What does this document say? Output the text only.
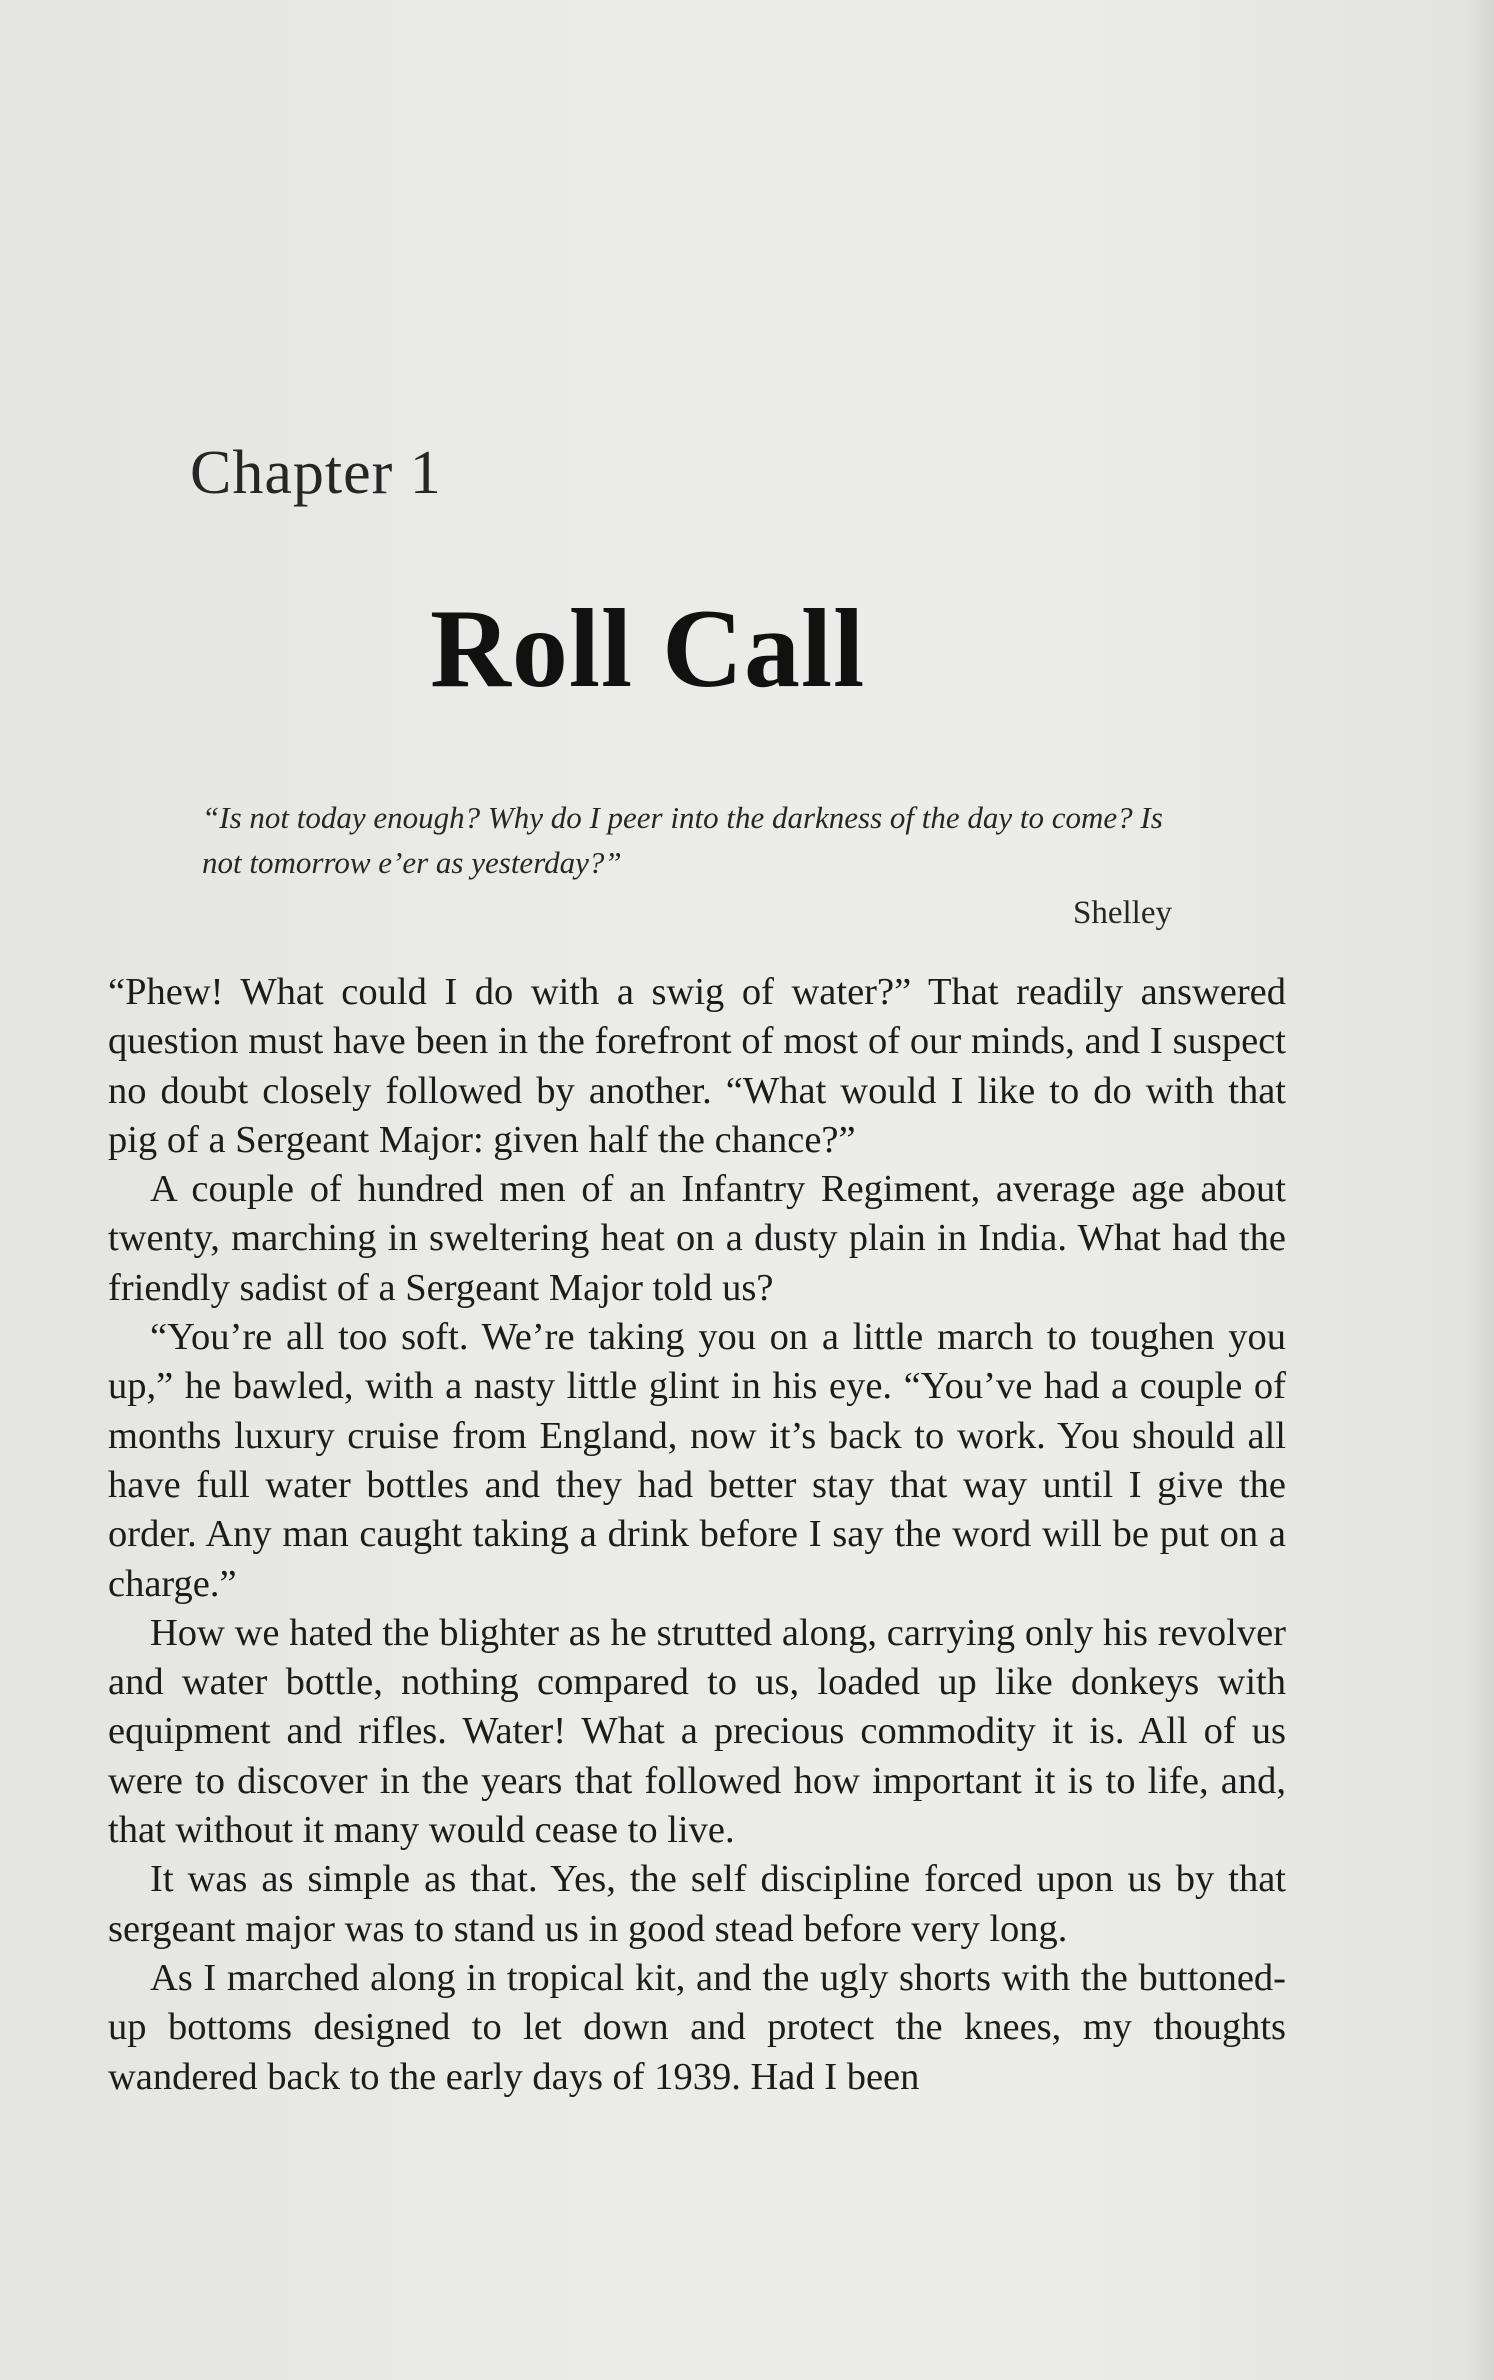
Chapter 1
Roll Call

“Is not today enough? Why do I peer into the darkness of the day to come? Is not tomorrow e’er as yesterday?”

Shelley

“Phew! What could I do with a swig of water?” That readily answered question must have been in the forefront of most of our minds, and I suspect no doubt closely followed by another. “What would I like to do with that pig of a Sergeant Major: given half the chance?”

A couple of hundred men of an Infantry Regiment, average age about twenty, marching in sweltering heat on a dusty plain in India. What had the friendly sadist of a Sergeant Major told us?

“You’re all too soft. We’re taking you on a little march to toughen you up,” he bawled, with a nasty little glint in his eye. “You’ve had a couple of months luxury cruise from England, now it’s back to work. You should all have full water bottles and they had better stay that way until I give the order. Any man caught taking a drink before I say the word will be put on a charge.”

How we hated the blighter as he strutted along, carrying only his revolver and water bottle, nothing compared to us, loaded up like donkeys with equipment and rifles. Water! What a precious commodity it is. All of us were to discover in the years that followed how important it is to life, and, that without it many would cease to live.

It was as simple as that. Yes, the self discipline forced upon us by that sergeant major was to stand us in good stead before very long.

As I marched along in tropical kit, and the ugly shorts with the buttoned-up bottoms designed to let down and protect the knees, my thoughts wandered back to the early days of 1939. Had I been
